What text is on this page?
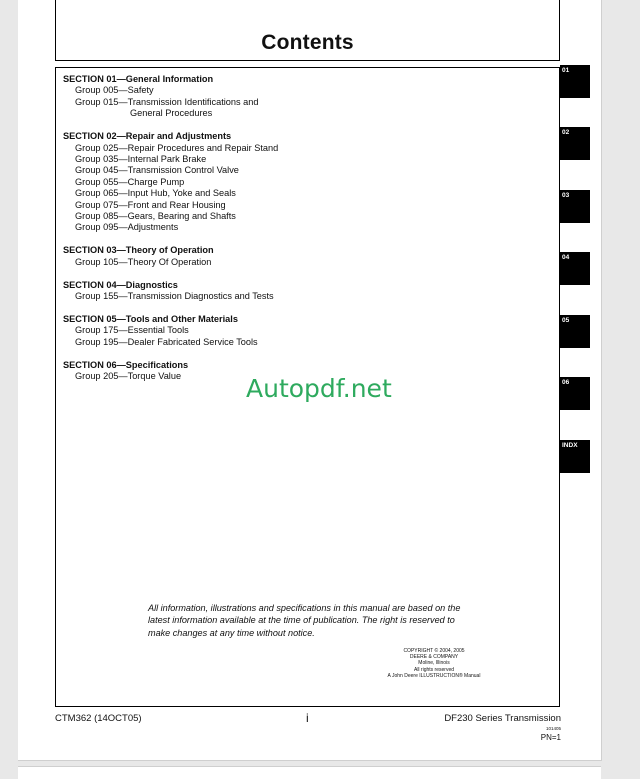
Contents
SECTION 01—General Information
Group 005—Safety
Group 015—Transmission Identifications and
General Procedures
SECTION 02—Repair and Adjustments
Group 025—Repair Procedures and Repair Stand
Group 035—Internal Park Brake
Group 045—Transmission Control Valve
Group 055—Charge Pump
Group 065—Input Hub, Yoke and Seals
Group 075—Front and Rear Housing
Group 085—Gears, Bearing and Shafts
Group 095—Adjustments
SECTION 03—Theory of Operation
Group 105—Theory Of Operation
SECTION 04—Diagnostics
Group 155—Transmission Diagnostics and Tests
SECTION 05—Tools and Other Materials
Group 175—Essential Tools
Group 195—Dealer Fabricated Service Tools
SECTION 06—Specifications
Group 205—Torque Value	Autopdf.net
All information, illustrations and specifications in this manual are based on the latest information available at the time of publication. The right is reserved to make changes at any time without notice.
COPYRIGHT © 2004, 2005
DEERE & COMPANY
Moline, Illinois
All rights reserved
A John Deere ILLUSTRUCTION® Manual
CTM362 (14OCT05)	i	DF230 Series Transmission
101405
PN=1
01
02
03
04
05
06
INDX
